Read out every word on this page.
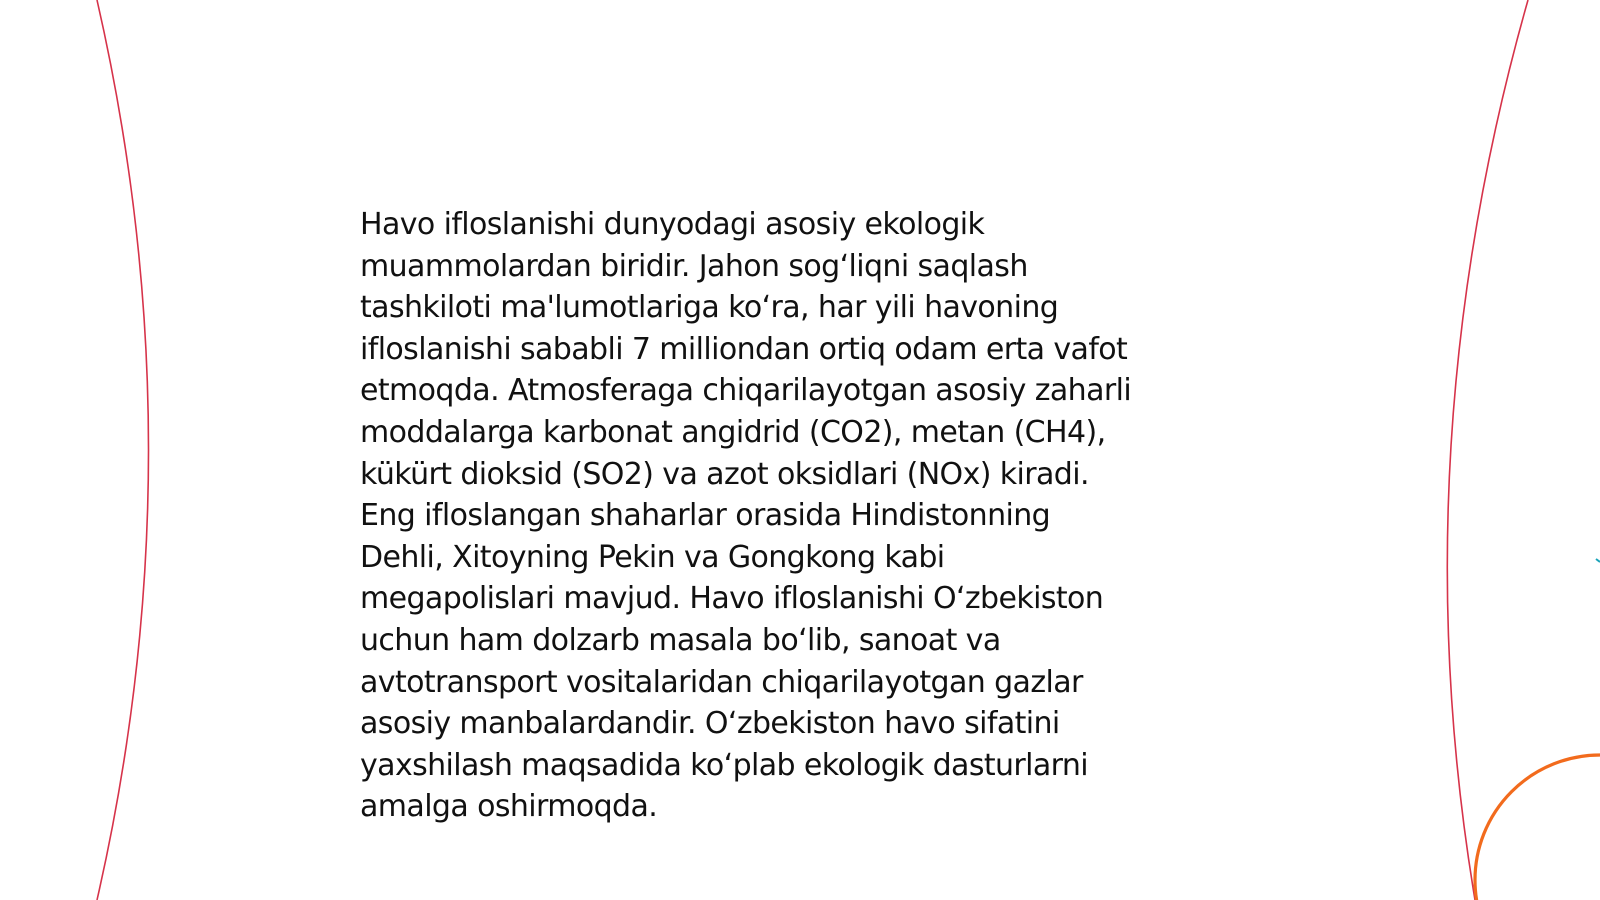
Havo ifloslanishi dunyodagi asosiy ekologik
muammolardan biridir. Jahon sog‘liqni saqlash
tashkiloti ma'lumotlariga ko‘ra, har yili havoning
ifloslanishi sababli 7 milliondan ortiq odam erta vafot
etmoqda. Atmosferaga chiqarilayotgan asosiy zaharli
moddalarga karbonat angidrid (CO2), metan (CH4),
kükürt dioksid (SO2) va azot oksidlari (NOx) kiradi.
Eng ifloslangan shaharlar orasida Hindistonning
Dehli, Xitoyning Pekin va Gongkong kabi
megapolislari mavjud. Havo ifloslanishi O‘zbekiston
uchun ham dolzarb masala bo‘lib, sanoat va
avtotransport vositalaridan chiqarilayotgan gazlar
asosiy manbalardandir. O‘zbekiston havo sifatini
yaxshilash maqsadida ko‘plab ekologik dasturlarni
amalga oshirmoqda.
